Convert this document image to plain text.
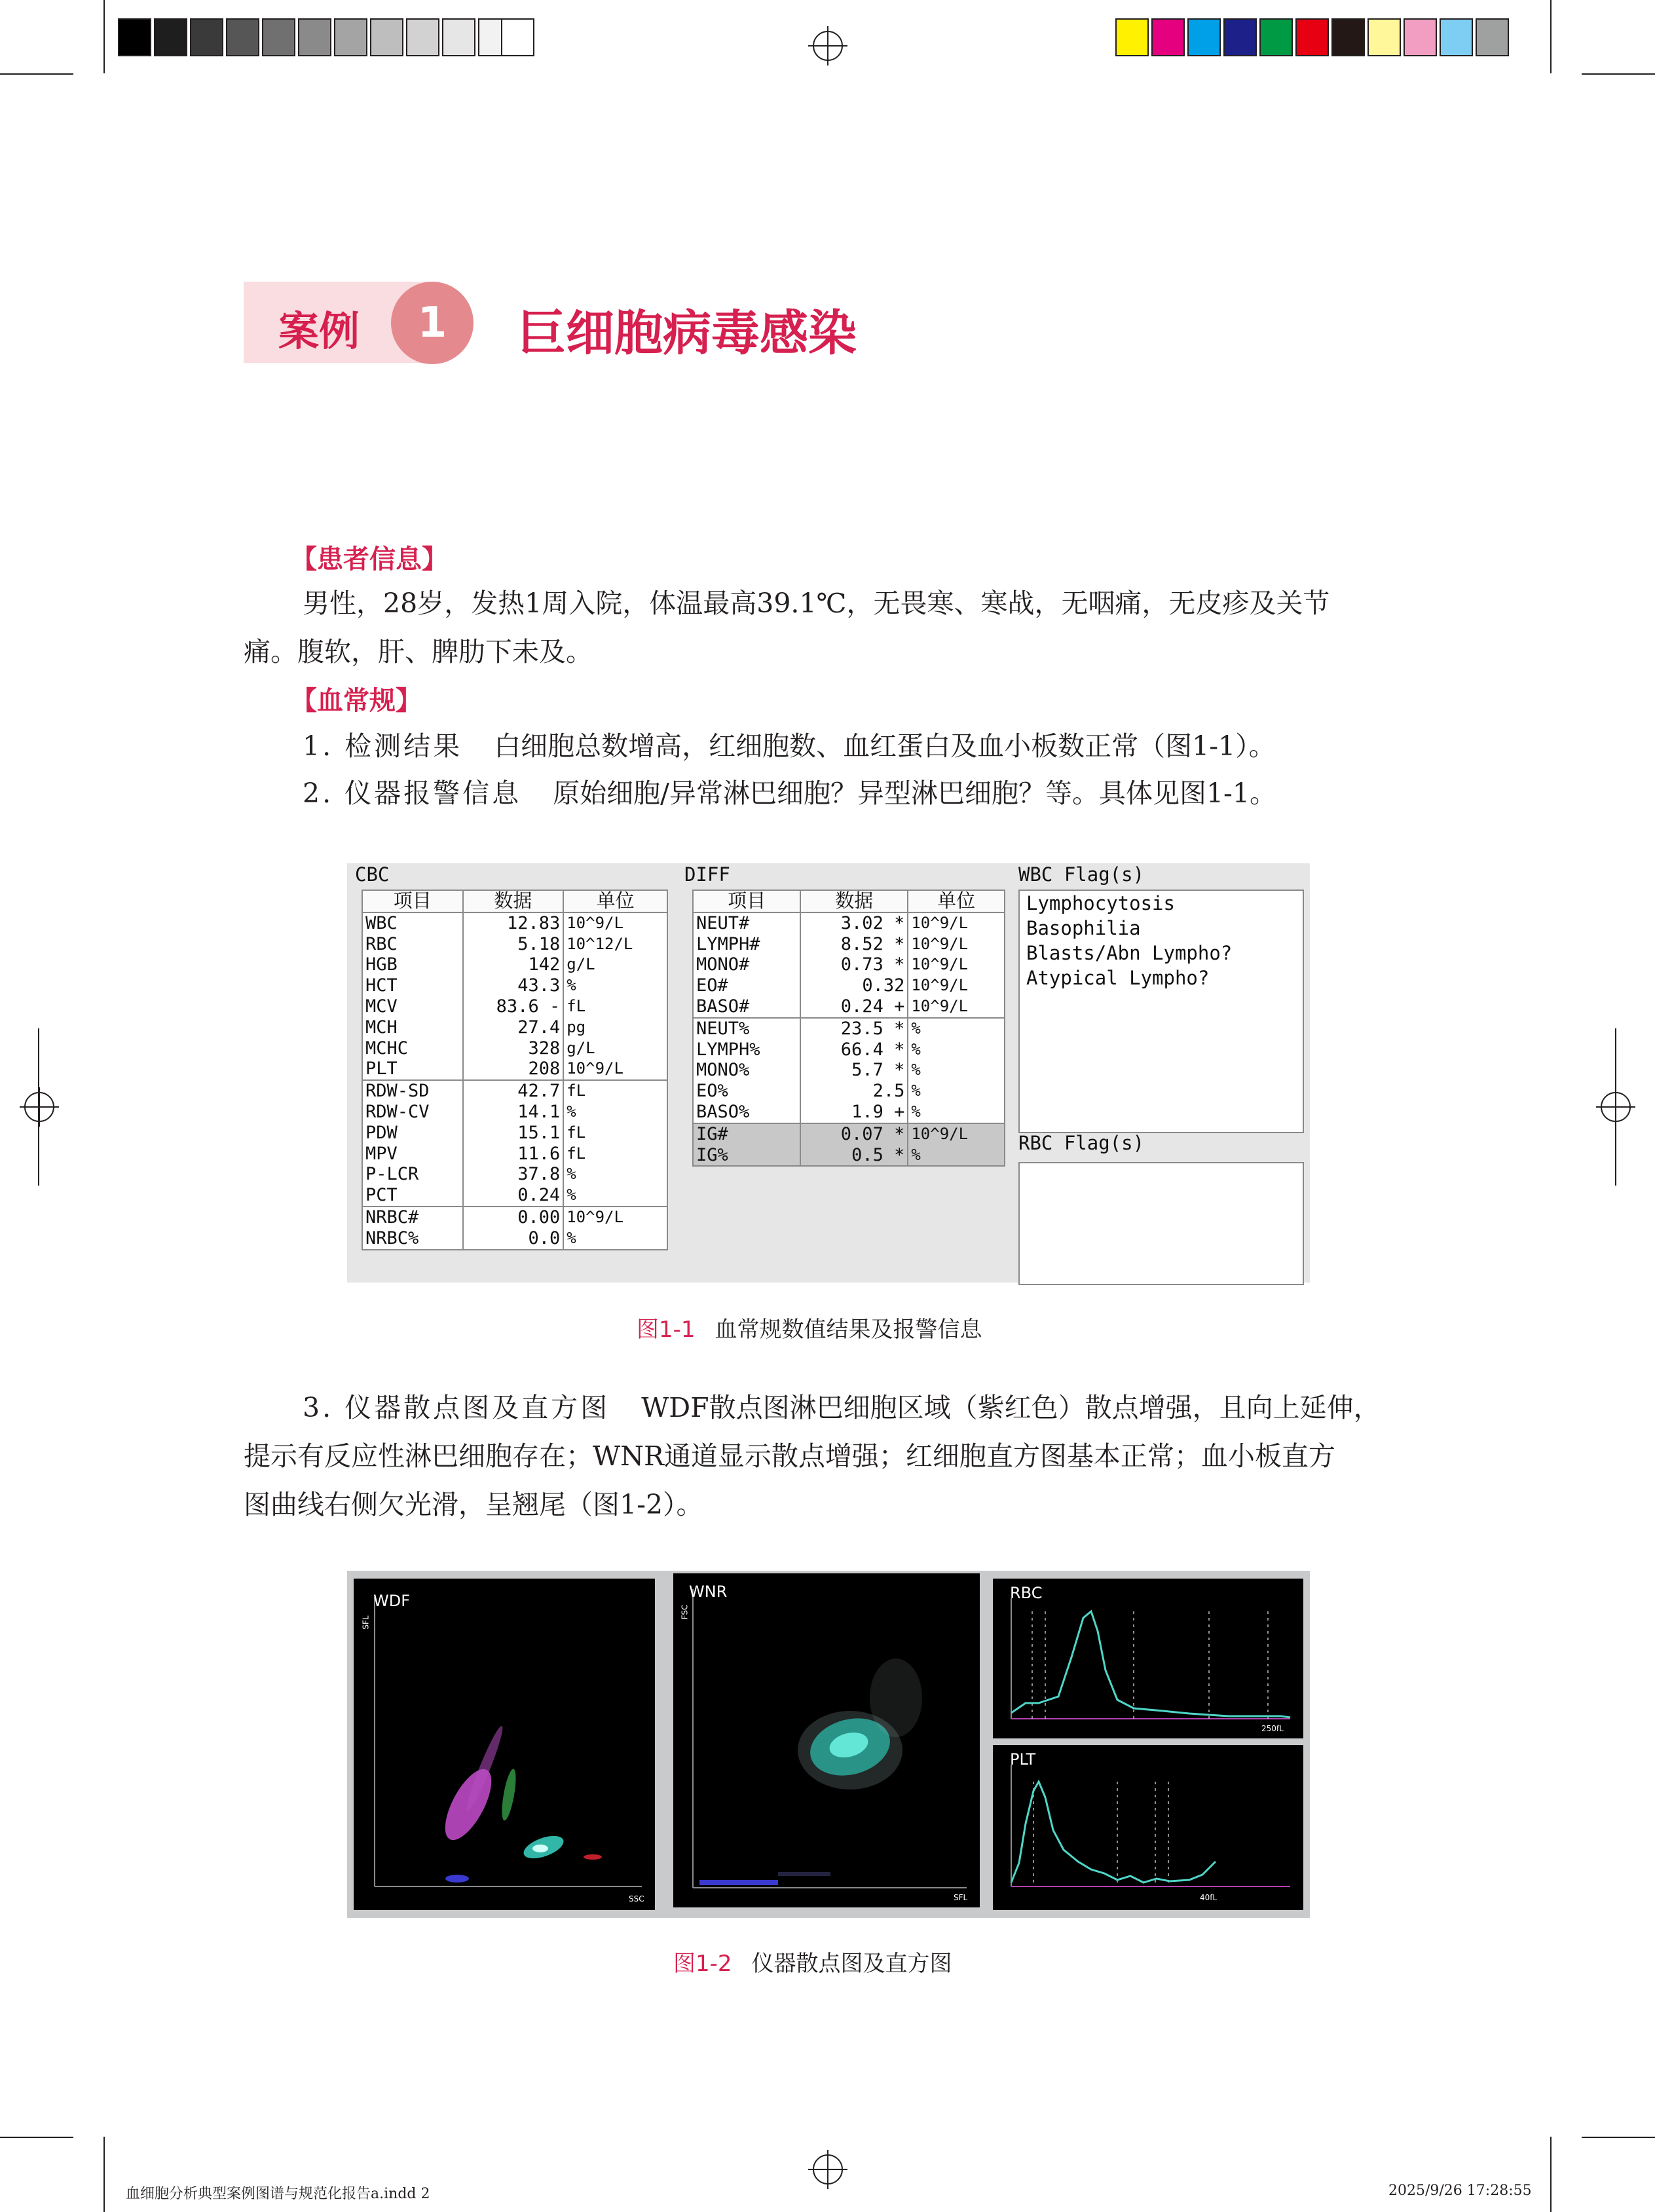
案例	1	巨细胞病毒感染
【患者信息】
男性，28岁，发热1周入院，体温最高39.1℃，无畏寒、寒战，无咽痛，无皮疹及关节
痛。腹软，肝、脾肋下未及。
【血常规】
1. 检测结果 白细胞总数增高，红细胞数、血红蛋白及血小板数正常（图1-1）。
2. 仪器报警信息 原始细胞/异常淋巴细胞？异型淋巴细胞？等。具体见图1-1。
CBC	DIFF	WBC Flag(s)
项目	数据	单位
WBC	12.83	10^9/L
RBC	5.18	10^12/L
HGB	142	g/L
HCT	43.3	%
MCV	83.6 -	fL
MCH	27.4	pg
MCHC	328	g/L
PLT	208	10^9/L
RDW-SD	42.7	fL
RDW-CV	14.1	%
PDW	15.1	fL
MPV	11.6	fL
P-LCR	37.8	%
PCT	0.24	%
NRBC#	0.00	10^9/L
NRBC%	0.0	%
项目	数据	单位
NEUT#	3.02 *	10^9/L
LYMPH#	8.52 *	10^9/L
MONO#	0.73 *	10^9/L
EO#	0.32	10^9/L
BASO#	0.24 +	10^9/L
NEUT%	23.5 *	%
LYMPH%	66.4 *	%
MONO%	5.7 *	%
EO%	2.5	%
BASO%	1.9 +	%
IG#	0.07 *	10^9/L
IG%	0.5 *	%
Lymphocytosis
Basophilia
Blasts/Abn Lympho?
Atypical Lympho?
RBC Flag(s)
图1-1 血常规数值结果及报警信息
3. 仪器散点图及直方图 WDF散点图淋巴细胞区域（紫红色）散点增强，且向上延伸，
提示有反应性淋巴细胞存在；WNR通道显示散点增强；红细胞直方图基本正常；血小板直方
图曲线右侧欠光滑，呈翘尾（图1-2）。
WDF
SFL
SSC
WNR
FSC
SFL
RBC
250fL
PLT
40fL
图1-2 仪器散点图及直方图
血细胞分析典型案例图谱与规范化报告a.indd 2	2025/9/26 17:28:55
